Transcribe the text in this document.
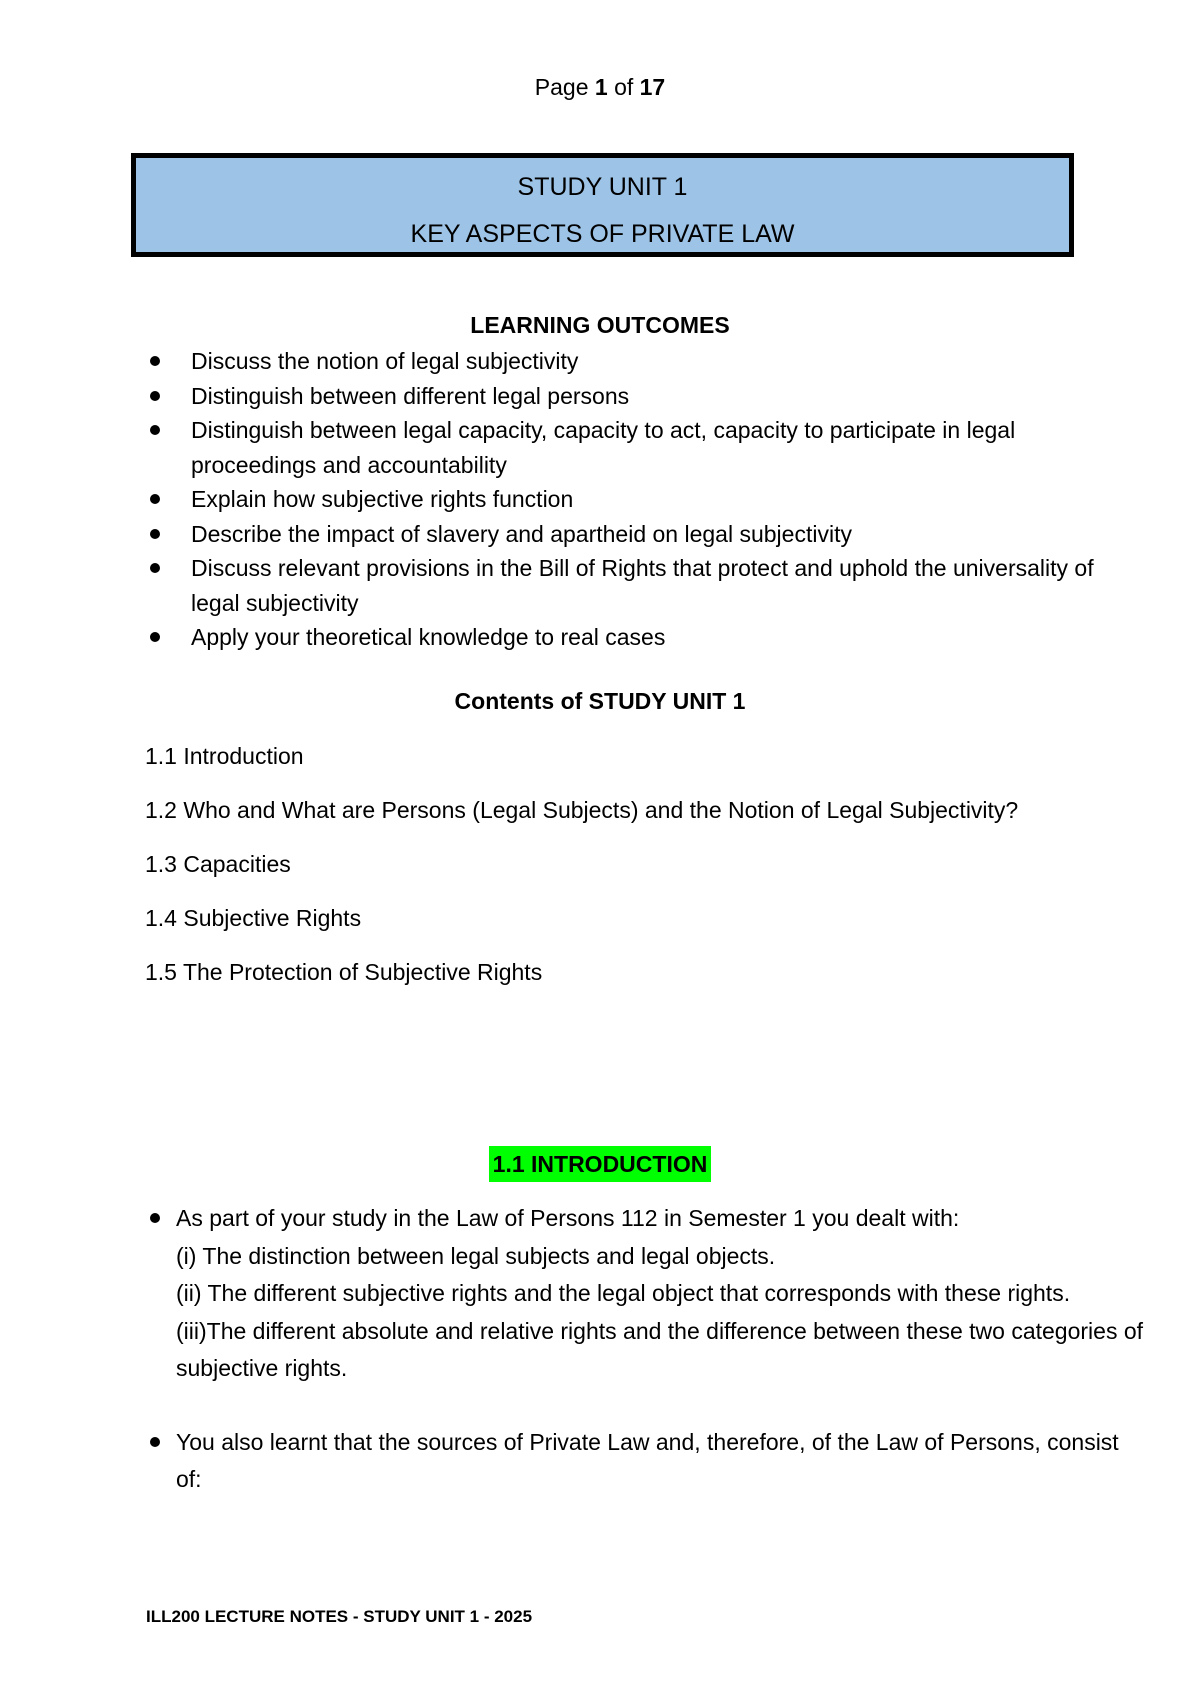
Page 1 of 17
STUDY UNIT 1
KEY ASPECTS OF PRIVATE LAW
LEARNING OUTCOMES
Discuss the notion of legal subjectivity
Distinguish between different legal persons
Distinguish between legal capacity, capacity to act, capacity to participate in legal proceedings and accountability
Explain how subjective rights function
Describe the impact of slavery and apartheid on legal subjectivity
Discuss relevant provisions in the Bill of Rights that protect and uphold the universality of legal subjectivity
Apply your theoretical knowledge to real cases
Contents of STUDY UNIT 1
1.1 Introduction
1.2 Who and What are Persons (Legal Subjects) and the Notion of Legal Subjectivity?
1.3 Capacities
1.4 Subjective Rights
1.5 The Protection of Subjective Rights
1.1 INTRODUCTION
As part of your study in the Law of Persons 112 in Semester 1 you dealt with:
(i) The distinction between legal subjects and legal objects.
(ii) The different subjective rights and the legal object that corresponds with these rights.
(iii)The different absolute and relative rights and the difference between these two categories of subjective rights.
You also learnt that the sources of Private Law and, therefore, of the Law of Persons, consist of:
ILL200 LECTURE NOTES - STUDY UNIT 1 - 2025
